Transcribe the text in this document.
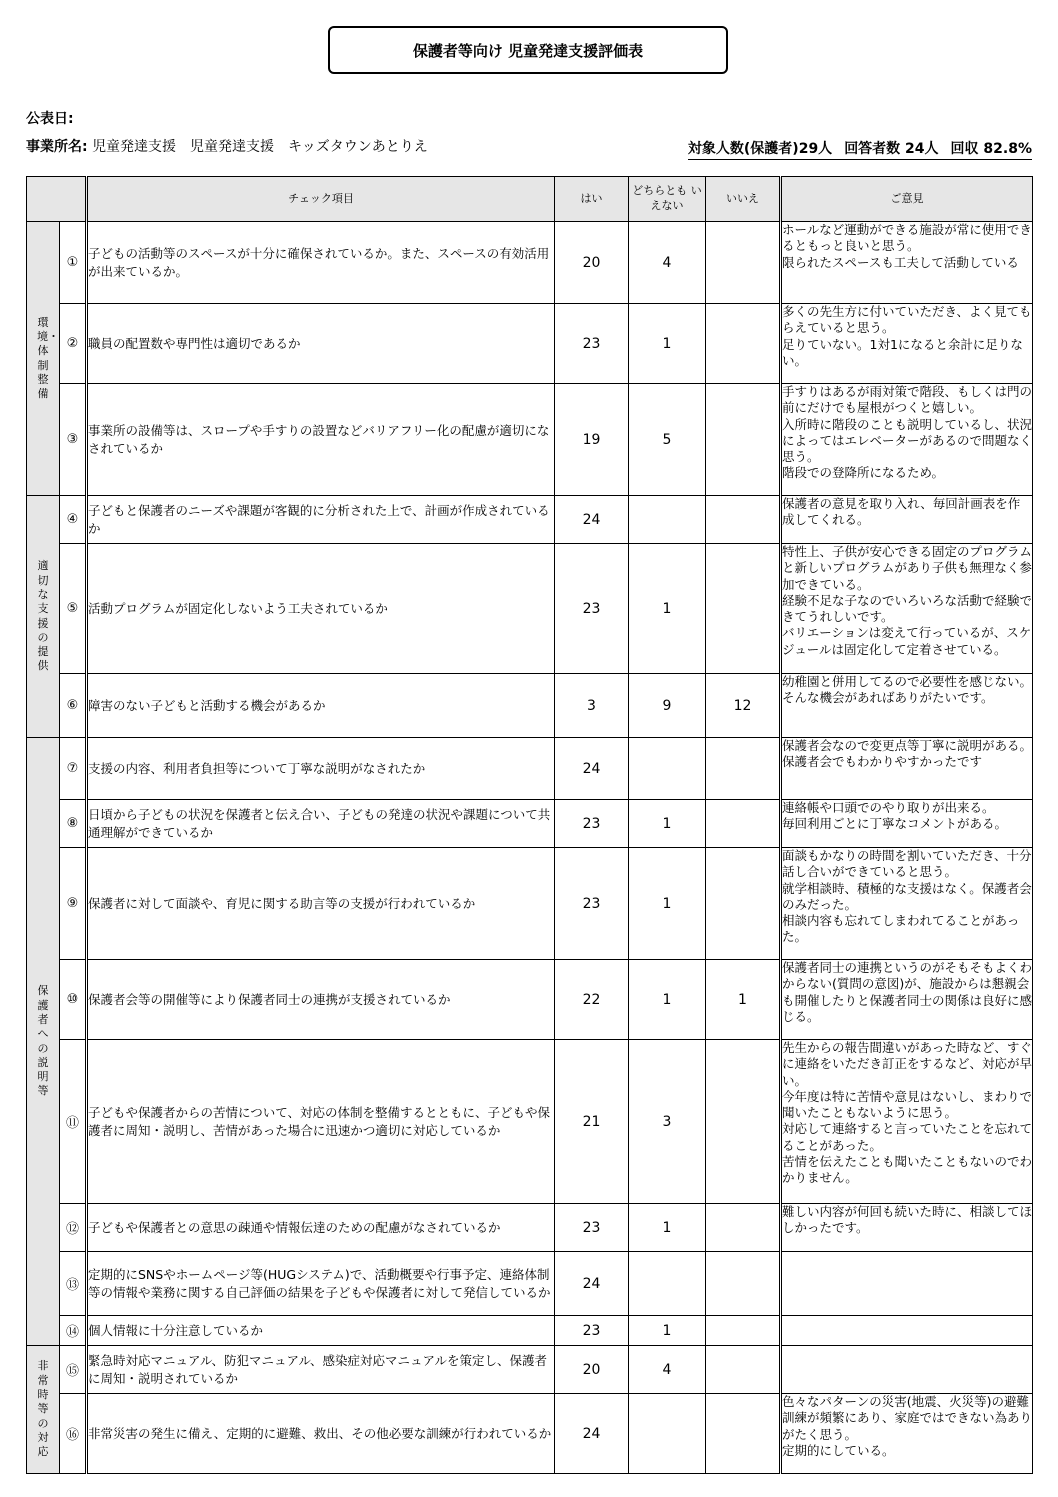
保護者等向け 児童発達支援評価表
公表日:
事業所名: 児童発達支援　児童発達支援　キッズタウンあとりえ	対象人数(保護者)29人 回答者数 24人 回収 82.8%
		チェック項目	はい	どちらとも いえない	いいえ	ご意見
環境・体制整備	①	子どもの活動等のスペースが十分に確保されているか。また、スペースの有効活用が出来ているか。	20	4		ホールなど運動ができる施設が常に使用できるともっと良いと思う。
限られたスペースも工夫して活動している

	②	職員の配置数や専門性は適切であるか	23	1		多くの先生方に付いていただき、よく見てもらえていると思う。
足りていない。1対1になると余計に足りない。

	③	事業所の設備等は、スロープや手すりの設置などバリアフリー化の配慮が適切になされているか	19	5		手すりはあるが雨対策で階段、もしくは門の前にだけでも屋根がつくと嬉しい。
入所時に階段のことも説明しているし、状況によってはエレベーターがあるので問題なく思う。
階段での登降所になるため。

適切な支援の提供	④	子どもと保護者のニーズや課題が客観的に分析された上で、計画が作成されているか	24			保護者の意見を取り入れ、毎回計画表を作成してくれる。

	⑤	活動プログラムが固定化しないよう工夫されているか	23	1		特性上、子供が安心できる固定のプログラムと新しいプログラムがあり子供も無理なく参加できている。
経験不足な子なのでいろいろな活動で経験できてうれしいです。
バリエーションは変えて行っているが、スケジュールは固定化して定着させている。

	⑥	障害のない子どもと活動する機会があるか	3	9	12	幼稚園と併用してるので必要性を感じない。
そんな機会があればありがたいです。

保護者への説明等	⑦	支援の内容、利用者負担等について丁寧な説明がなされたか	24			保護者会なので変更点等丁寧に説明がある。
保護者会でもわかりやすかったです

	⑧	日頃から子どもの状況を保護者と伝え合い、子どもの発達の状況や課題について共通理解ができているか	23	1		連絡帳や口頭でのやり取りが出来る。
毎回利用ごとに丁寧なコメントがある。

	⑨	保護者に対して面談や、育児に関する助言等の支援が行われているか	23	1		面談もかなりの時間を割いていただき、十分話し合いができていると思う。
就学相談時、積極的な支援はなく。保護者会のみだった。
相談内容も忘れてしまわれてることがあった。

	⑩	保護者会等の開催等により保護者同士の連携が支援されているか	22	1	1	保護者同士の連携というのがそもそもよくわからない(質問の意図)が、施設からは懇親会も開催したりと保護者同士の関係は良好に感じる。

	⑪	子どもや保護者からの苦情について、対応の体制を整備するとともに、子どもや保護者に周知・説明し、苦情があった場合に迅速かつ適切に対応しているか	21	3		先生からの報告間違いがあった時など、すぐに連絡をいただき訂正をするなど、対応が早い。
今年度は特に苦情や意見はないし、まわりで聞いたこともないように思う。
対応して連絡すると言っていたことを忘れてることがあった。
苦情を伝えたことも聞いたこともないのでわかりません。

	⑫	子どもや保護者との意思の疎通や情報伝達のための配慮がなされているか	23	1		難しい内容が何回も続いた時に、相談してほしかったです。

	⑬	定期的にSNSやホームページ等(HUGシステム)で、活動概要や行事予定、連絡体制等の情報や業務に関する自己評価の結果を子どもや保護者に対して発信しているか	24			
	⑭	個人情報に十分注意しているか	23	1		
非常時等の対応	⑮	緊急時対応マニュアル、防犯マニュアル、感染症対応マニュアルを策定し、保護者に周知・説明されているか	20	4		
	⑯	非常災害の発生に備え、定期的に避難、救出、その他必要な訓練が行われているか	24			色々なパターンの災害(地震、火災等)の避難訓練が頻繁にあり、家庭ではできない為ありがたく思う。
定期的にしている。
